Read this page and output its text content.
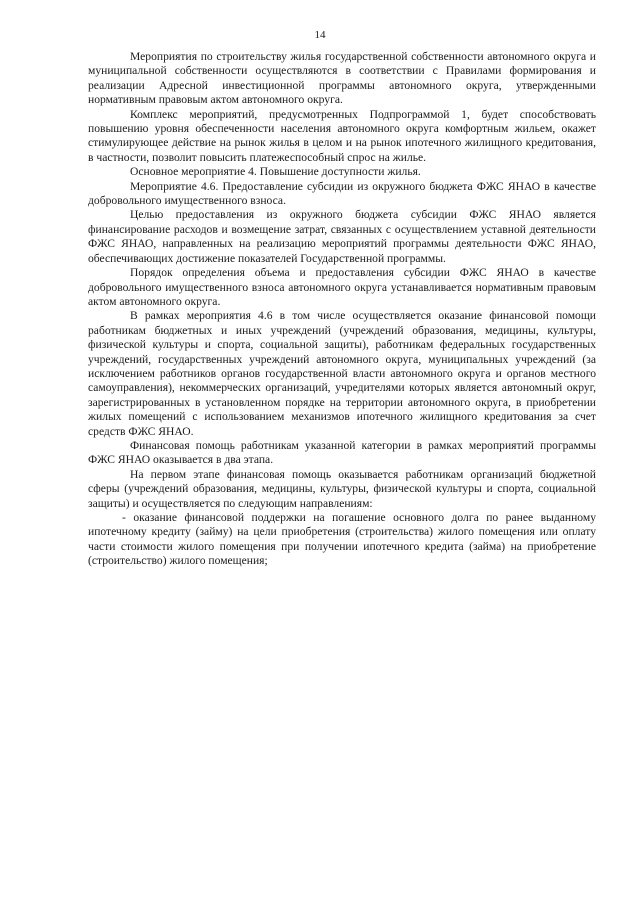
14

Мероприятия по строительству жилья государственной собственности автономного округа и муниципальной собственности осуществляются в соответствии с Правилами формирования и реализации Адресной инвестиционной программы автономного округа, утвержденными нормативным правовым актом автономного округа.

Комплекс мероприятий, предусмотренных Подпрограммой 1, будет способствовать повышению уровня обеспеченности населения автономного округа комфортным жильем, окажет стимулирующее действие на рынок жилья в целом и на рынок ипотечного жилищного кредитования, в частности, позволит повысить платежеспособный спрос на жилье.

Основное мероприятие 4. Повышение доступности жилья.

Мероприятие 4.6. Предоставление субсидии из окружного бюджета ФЖС ЯНАО в качестве добровольного имущественного взноса.

Целью предоставления из окружного бюджета субсидии ФЖС ЯНАО является финансирование расходов и возмещение затрат, связанных с осуществлением уставной деятельности ФЖС ЯНАО, направленных на реализацию мероприятий программы деятельности ФЖС ЯНАО, обеспечивающих достижение показателей Государственной программы.

Порядок определения объема и предоставления субсидии ФЖС ЯНАО в качестве добровольного имущественного взноса автономного округа устанавливается нормативным правовым актом автономного округа.

В рамках мероприятия 4.6 в том числе осуществляется оказание финансовой помощи работникам бюджетных и иных учреждений (учреждений образования, медицины, культуры, физической культуры и спорта, социальной защиты), работникам федеральных государственных учреждений, государственных учреждений автономного округа, муниципальных учреждений (за исключением работников органов государственной власти автономного округа и органов местного самоуправления), некоммерческих организаций, учредителями которых является автономный округ, зарегистрированных в установленном порядке на территории автономного округа, в приобретении жилых помещений с использованием механизмов ипотечного жилищного кредитования за счет средств ФЖС ЯНАО.

Финансовая помощь работникам указанной категории в рамках мероприятий программы ФЖС ЯНАО оказывается в два этапа.

На первом этапе финансовая помощь оказывается работникам организаций бюджетной сферы (учреждений образования, медицины, культуры, физической культуры и спорта, социальной защиты) и осуществляется по следующим направлениям:

- оказание финансовой поддержки на погашение основного долга по ранее выданному ипотечному кредиту (займу) на цели приобретения (строительства) жилого помещения или оплату части стоимости жилого помещения при получении ипотечного кредита (займа) на приобретение (строительство) жилого помещения;
